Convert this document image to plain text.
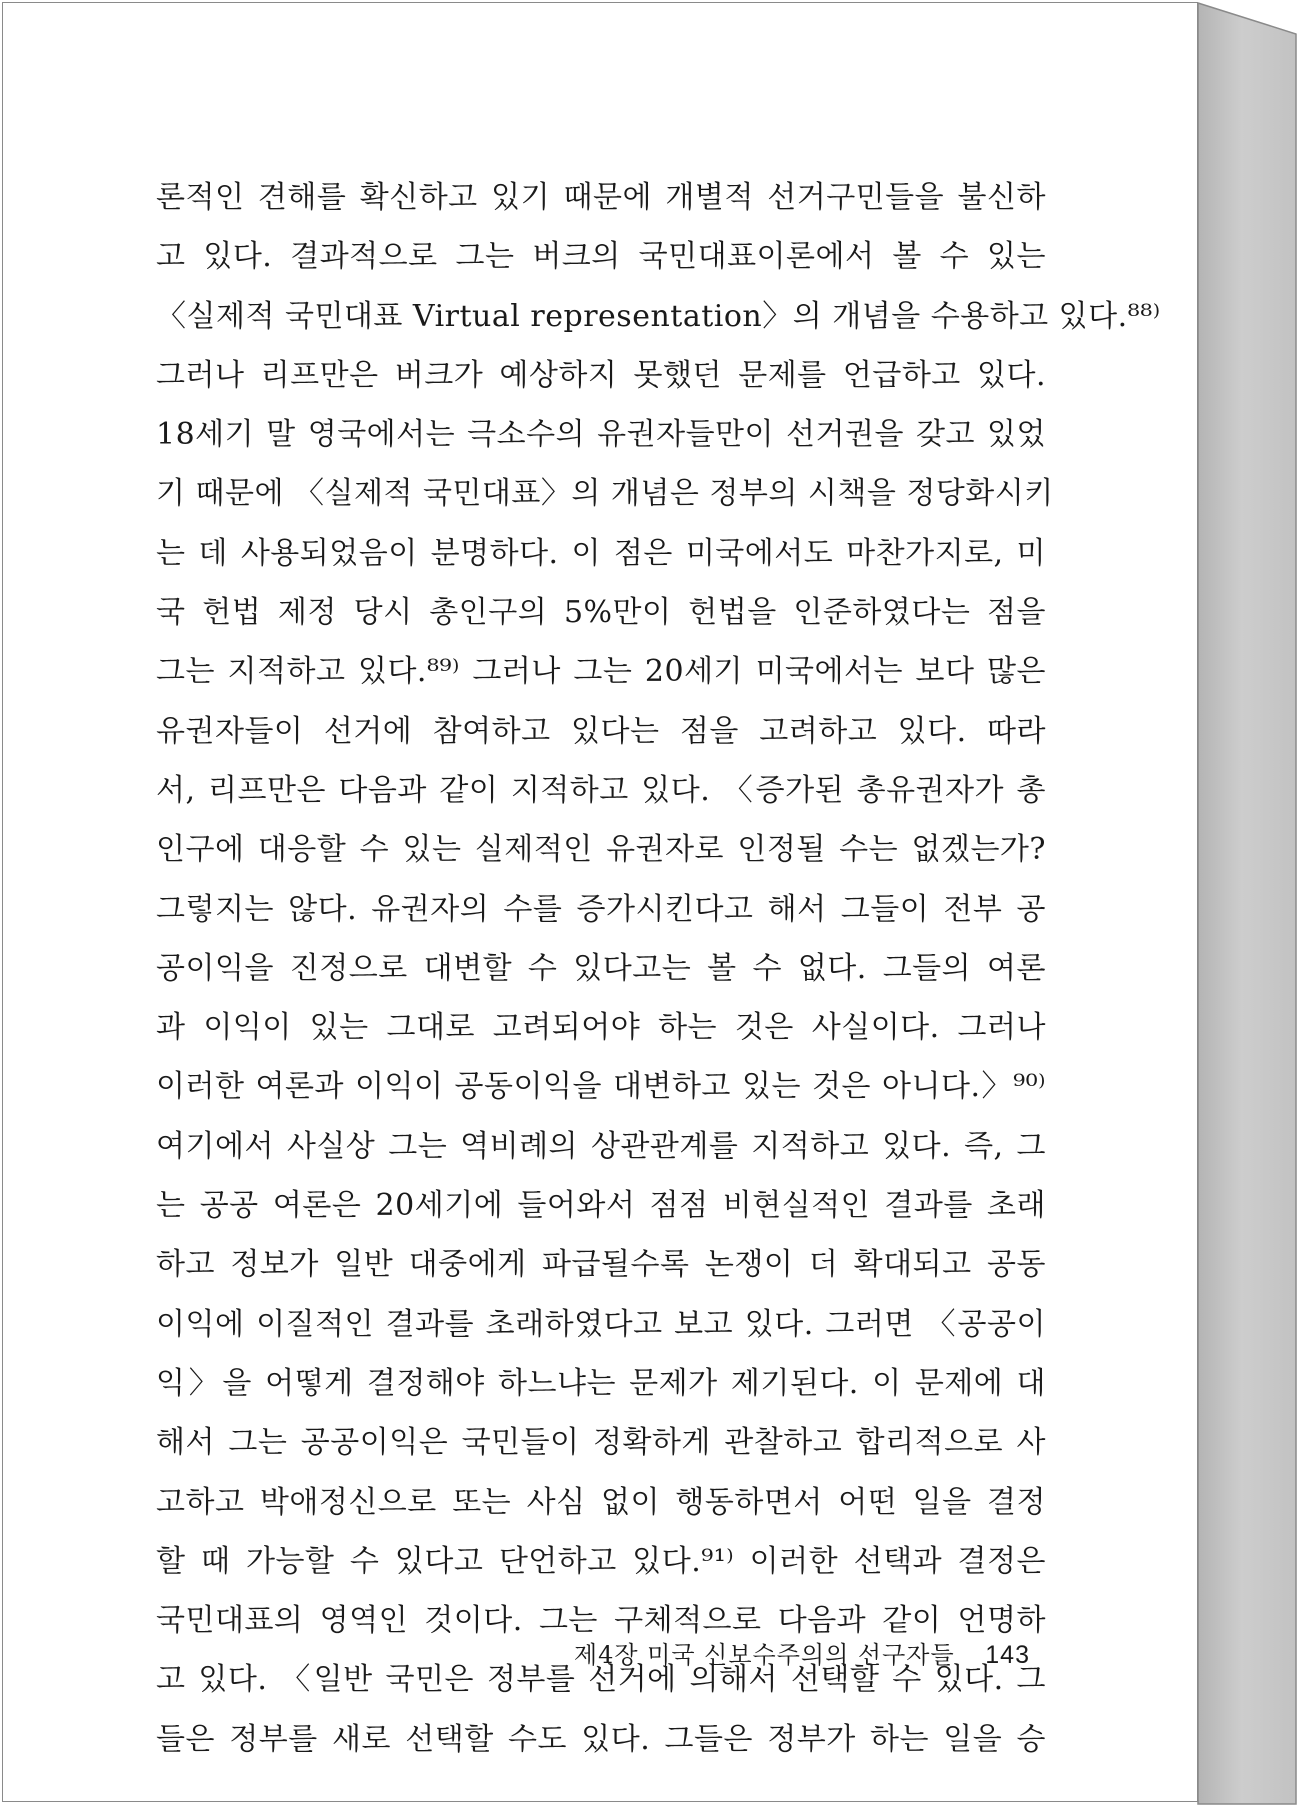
론적인 견해를 확신하고 있기 때문에 개별적 선거구민들을 불신하
고 있다. 결과적으로 그는 버크의 국민대표이론에서 볼 수 있는
〈실제적 국민대표 Virtual representation〉의 개념을 수용하고 있다.⁸⁸⁾
그러나 리프만은 버크가 예상하지 못했던 문제를 언급하고 있다.
18세기 말 영국에서는 극소수의 유권자들만이 선거권을 갖고 있었
기 때문에 〈실제적 국민대표〉의 개념은 정부의 시책을 정당화시키
는 데 사용되었음이 분명하다. 이 점은 미국에서도 마찬가지로, 미
국 헌법 제정 당시 총인구의 5%만이 헌법을 인준하였다는 점을
그는 지적하고 있다.⁸⁹⁾ 그러나 그는 20세기 미국에서는 보다 많은
유권자들이 선거에 참여하고 있다는 점을 고려하고 있다. 따라
서, 리프만은 다음과 같이 지적하고 있다. 〈증가된 총유권자가 총
인구에 대응할 수 있는 실제적인 유권자로 인정될 수는 없겠는가?
그렇지는 않다. 유권자의 수를 증가시킨다고 해서 그들이 전부 공
공이익을 진정으로 대변할 수 있다고는 볼 수 없다. 그들의 여론
과 이익이 있는 그대로 고려되어야 하는 것은 사실이다. 그러나
이러한 여론과 이익이 공동이익을 대변하고 있는 것은 아니다.〉⁹⁰⁾
여기에서 사실상 그는 역비례의 상관관계를 지적하고 있다. 즉, 그
는 공공 여론은 20세기에 들어와서 점점 비현실적인 결과를 초래
하고 정보가 일반 대중에게 파급될수록 논쟁이 더 확대되고 공동
이익에 이질적인 결과를 초래하였다고 보고 있다. 그러면 〈공공이
익〉을 어떻게 결정해야 하느냐는 문제가 제기된다. 이 문제에 대
해서 그는 공공이익은 국민들이 정확하게 관찰하고 합리적으로 사
고하고 박애정신으로 또는 사심 없이 행동하면서 어떤 일을 결정
할 때 가능할 수 있다고 단언하고 있다.⁹¹⁾ 이러한 선택과 결정은
국민대표의 영역인 것이다. 그는 구체적으로 다음과 같이 언명하
고 있다. 〈일반 국민은 정부를 선거에 의해서 선택할 수 있다. 그
들은 정부를 새로 선택할 수도 있다. 그들은 정부가 하는 일을 승
제4장 미국 신보수주의의 선구자들 143
